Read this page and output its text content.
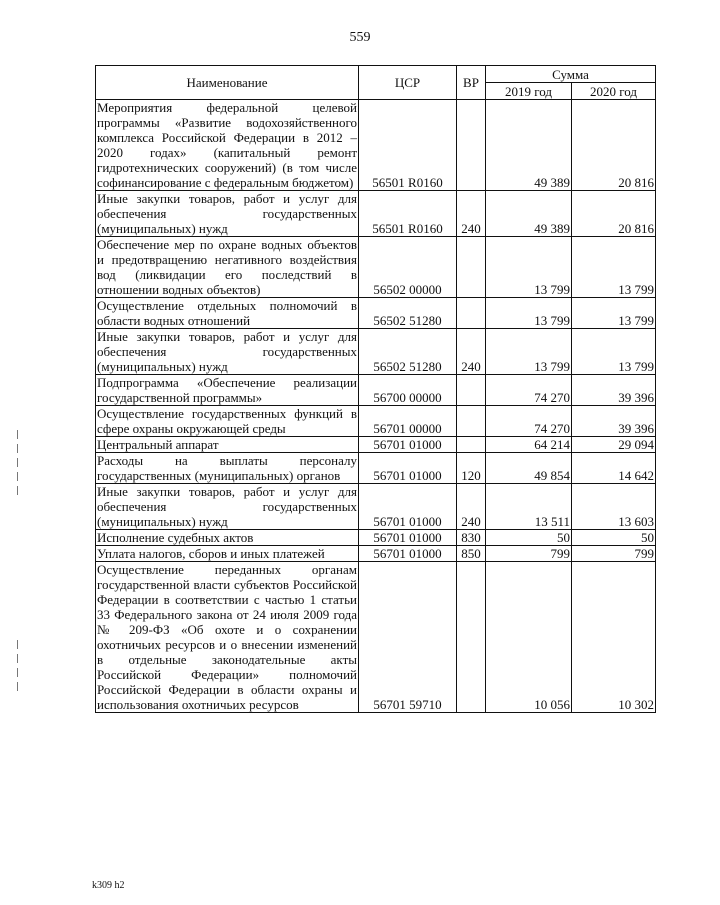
559
Наименование	ЦСР	ВР	Сумма	
			2019 год	2020 год
Мероприятия федеральной целевой программы «Развитие водохозяйственного комплекса Российской Федерации в 2012 – 2020 годах» (капитальный ремонт гидротехнических сооружений) (в том числе софинансирование с федеральным бюджетом)	56501 R0160		49 389	20 816
Иные закупки товаров, работ и услуг для обеспечения государственных (муниципальных) нужд	56501 R0160	240	49 389	20 816
Обеспечение мер по охране водных объектов и предотвращению негативного воздействия вод (ликвидации его последствий в отношении водных объектов)	56502 00000		13 799	13 799
Осуществление отдельных полномочий в области водных отношений	56502 51280		13 799	13 799
Иные закупки товаров, работ и услуг для обеспечения государственных (муниципальных) нужд	56502 51280	240	13 799	13 799
Подпрограмма «Обеспечение реализации государственной программы»	56700 00000		74 270	39 396
Осуществление государственных функций в сфере охраны окружающей среды	56701 00000		74 270	39 396
Центральный аппарат	56701 01000		64 214	29 094
Расходы на выплаты персоналу государственных (муниципальных) органов	56701 01000	120	49 854	14 642
Иные закупки товаров, работ и услуг для обеспечения государственных (муниципальных) нужд	56701 01000	240	13 511	13 603
Исполнение судебных актов	56701 01000	830	50	50
Уплата налогов, сборов и иных платежей	56701 01000	850	799	799
Осуществление переданных органам государственной власти субъектов Российской Федерации в соответствии с частью 1 статьи 33 Федерального закона от 24 июля 2009 года № 209-ФЗ «Об охоте и о сохранении охотничьих ресурсов и о внесении изменений в отдельные законодательные акты Российской Федерации» полномочий Российской Федерации в области охраны и использования охотничьих ресурсов	56701 59710		10 056	10 302
k309 h2
